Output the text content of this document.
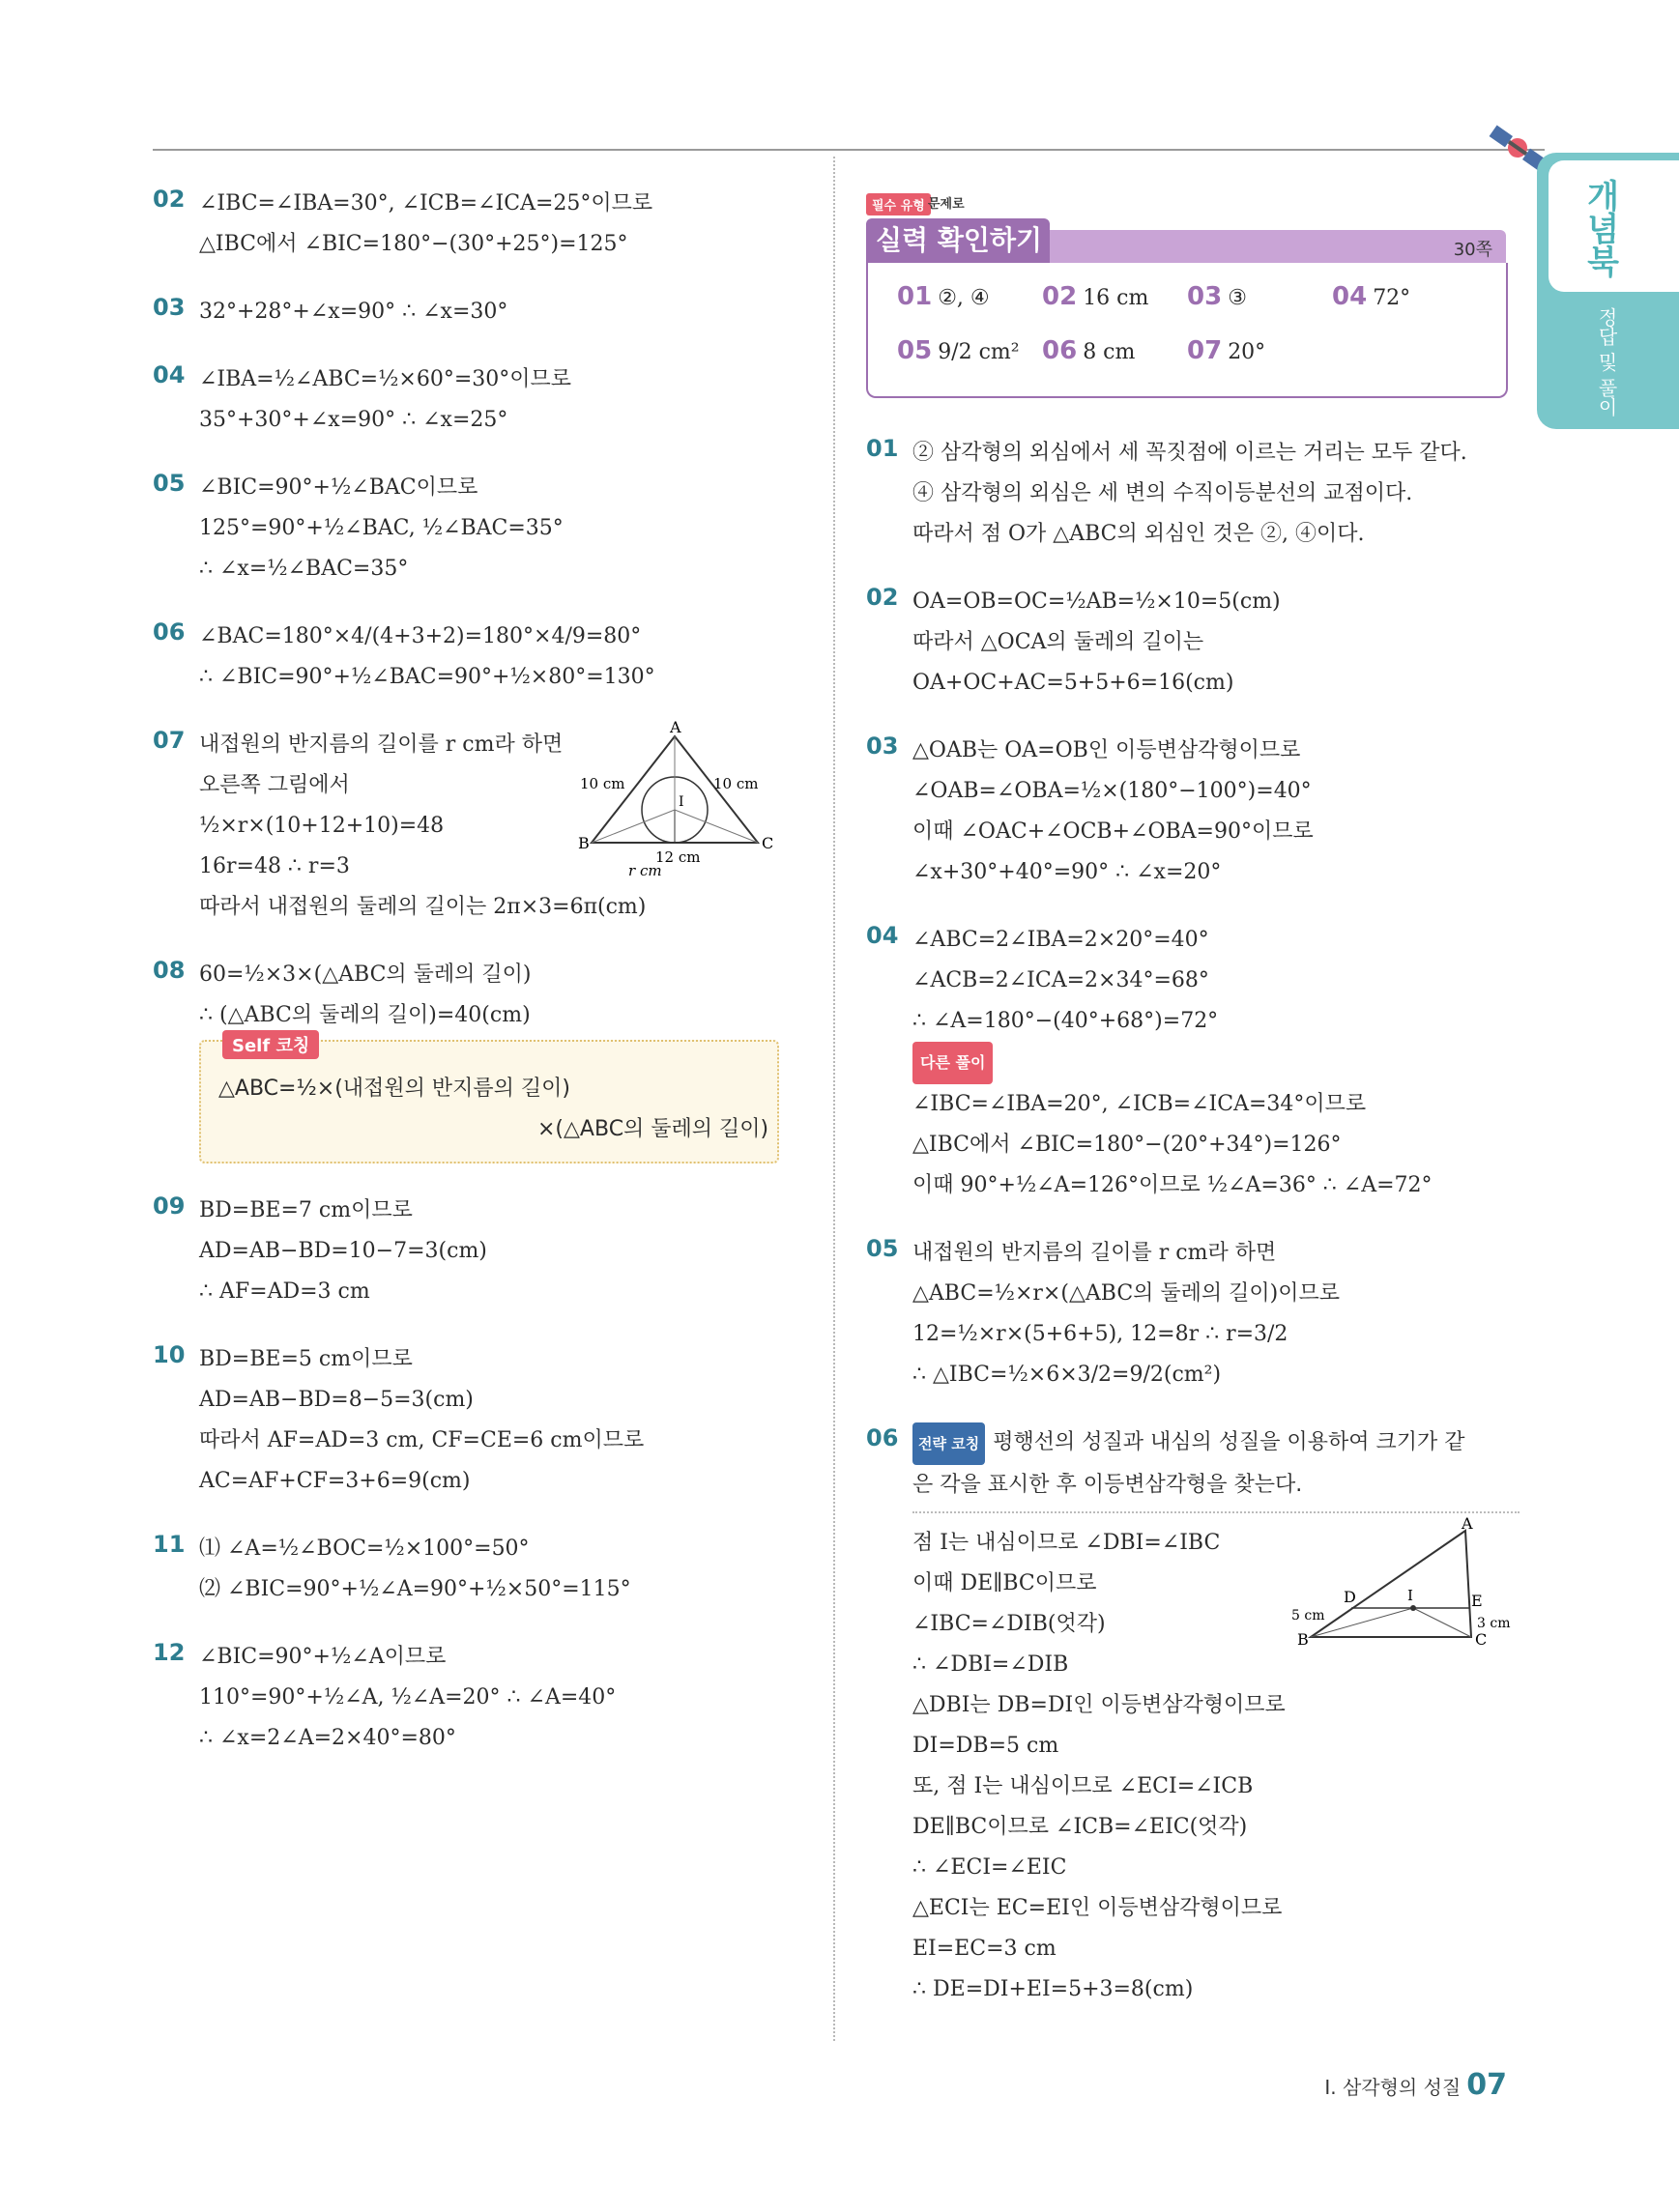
개념북
정답 및 풀이
필수 유형 문제로
실력 확인하기	30쪽
01 ②, ④ 02 16 cm 03 ③	04 72°
05 9/2 cm² 06 8 cm 07 20°
02 ∠IBC=∠IBA=30°, ∠ICB=∠ICA=25°이므로
△IBC에서 ∠BIC=180°−(30°+25°)=125°
03 32°+28°+∠x=90° ∴ ∠x=30°
04 ∠IBA=½∠ABC=½×60°=30°이므로
35°+30°+∠x=90° ∴ ∠x=25°
05 ∠BIC=90°+½∠BAC이므로
125°=90°+½∠BAC, ½∠BAC=35°
∴ ∠x=½∠BAC=35°
06 ∠BAC=180°×4/(4+3+2)=180°×4/9=80°
∴ ∠BIC=90°+½∠BAC=90°+½×80°=130°
07 내접원의 반지름의 길이를 r cm라 하면
오른쪽 그림에서
½×r×(10+12+10)=48
16r=48 ∴ r=3
따라서 내접원의 둘레의 길이는 2π×3=6π(cm)
A
B	C
I
10 cm	10 cm
12 cm
r cm
08 60=½×3×(△ABC의 둘레의 길이)
∴ (△ABC의 둘레의 길이)=40(cm)
Self 코칭
△ABC=½×(내접원의 반지름의 길이)
×(△ABC의 둘레의 길이)
09 BD=BE=7 cm이므로
AD=AB−BD=10−7=3(cm)
∴ AF=AD=3 cm
10 BD=BE=5 cm이므로
AD=AB−BD=8−5=3(cm)
따라서 AF=AD=3 cm, CF=CE=6 cm이므로
AC=AF+CF=3+6=9(cm)
11 ⑴ ∠A=½∠BOC=½×100°=50°
⑵ ∠BIC=90°+½∠A=90°+½×50°=115°
12 ∠BIC=90°+½∠A이므로
110°=90°+½∠A, ½∠A=20° ∴ ∠A=40°
∴ ∠x=2∠A=2×40°=80°
01 ② 삼각형의 외심에서 세 꼭짓점에 이르는 거리는 모두 같다.
④ 삼각형의 외심은 세 변의 수직이등분선의 교점이다.
따라서 점 O가 △ABC의 외심인 것은 ②, ④이다.
02 OA=OB=OC=½AB=½×10=5(cm)
따라서 △OCA의 둘레의 길이는
OA+OC+AC=5+5+6=16(cm)
03 △OAB는 OA=OB인 이등변삼각형이므로
∠OAB=∠OBA=½×(180°−100°)=40°
이때 ∠OAC+∠OCB+∠OBA=90°이므로
∠x+30°+40°=90° ∴ ∠x=20°
04 ∠ABC=2∠IBA=2×20°=40°
∠ACB=2∠ICA=2×34°=68°
∴ ∠A=180°−(40°+68°)=72°
다른 풀이
∠IBC=∠IBA=20°, ∠ICB=∠ICA=34°이므로
△IBC에서 ∠BIC=180°−(20°+34°)=126°
이때 90°+½∠A=126°이므로 ½∠A=36° ∴ ∠A=72°
05 내접원의 반지름의 길이를 r cm라 하면
△ABC=½×r×(△ABC의 둘레의 길이)이므로
12=½×r×(5+6+5), 12=8r ∴ r=3/2
∴ △IBC=½×6×3/2=9/2(cm²)
06	전략 코칭 평행선의 성질과 내심의 성질을 이용하여 크기가 같
은 각을 표시한 후 이등변삼각형을 찾는다.
점 I는 내심이므로 ∠DBI=∠IBC
이때 DE∥BC이므로
∠IBC=∠DIB(엇각)
∴ ∠DBI=∠DIB
△DBI는 DB=DI인 이등변삼각형이므로
DI=DB=5 cm
또, 점 I는 내심이므로 ∠ECI=∠ICB
DE∥BC이므로 ∠ICB=∠EIC(엇각)
∴ ∠ECI=∠EIC
△ECI는 EC=EI인 이등변삼각형이므로
EI=EC=3 cm
∴ DE=DI+EI=5+3=8(cm)
A
B	C
D	E
I
5 cm	3 cm
Ⅰ. 삼각형의 성질 07
